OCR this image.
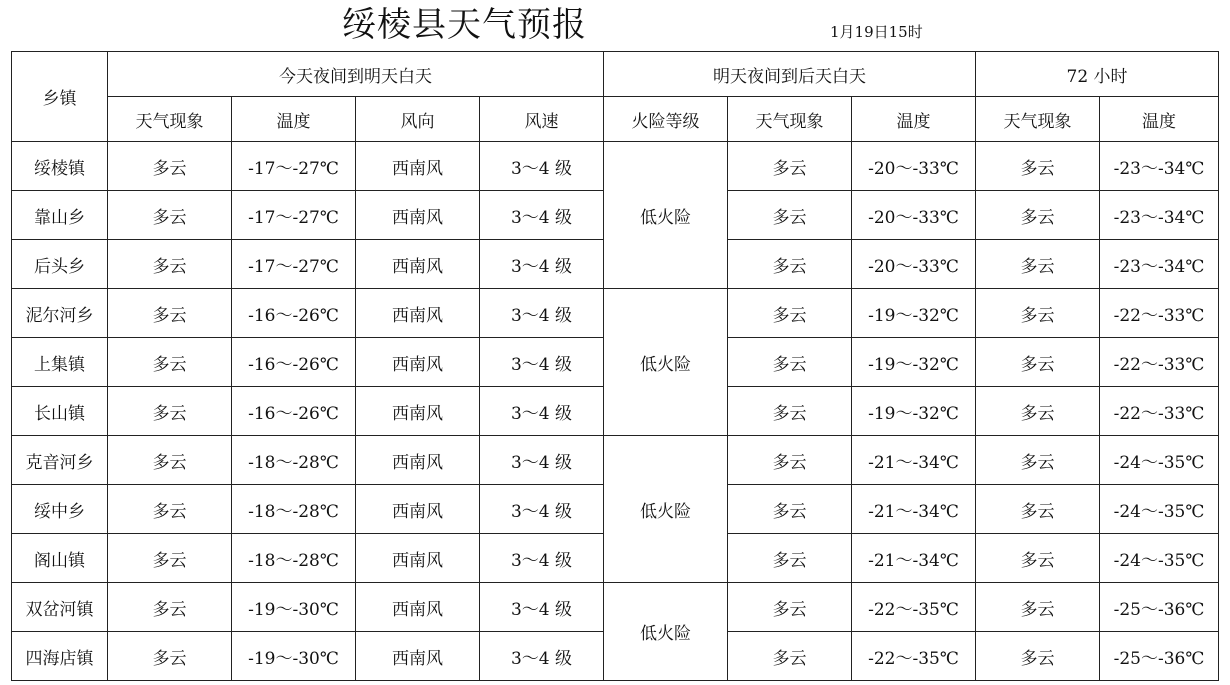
绥棱县天气预报	1月19日15时
乡镇	今天夜间到明天白天				明天夜间到后天白天			72 小时	
	天气现象	温度	风向	风速	火险等级	天气现象	温度	天气现象	温度
绥棱镇	多云	-17～-27℃	西南风	3～4 级	低火险	多云	-20～-33℃	多云	-23～-34℃
靠山乡	多云	-17～-27℃	西南风	3～4 级		多云	-20～-33℃	多云	-23～-34℃
后头乡	多云	-17～-27℃	西南风	3～4 级		多云	-20～-33℃	多云	-23～-34℃
泥尔河乡	多云	-16～-26℃	西南风	3～4 级	低火险	多云	-19～-32℃	多云	-22～-33℃
上集镇	多云	-16～-26℃	西南风	3～4 级		多云	-19～-32℃	多云	-22～-33℃
长山镇	多云	-16～-26℃	西南风	3～4 级		多云	-19～-32℃	多云	-22～-33℃
克音河乡	多云	-18～-28℃	西南风	3～4 级	低火险	多云	-21～-34℃	多云	-24～-35℃
绥中乡	多云	-18～-28℃	西南风	3～4 级		多云	-21～-34℃	多云	-24～-35℃
阁山镇	多云	-18～-28℃	西南风	3～4 级		多云	-21～-34℃	多云	-24～-35℃
双岔河镇	多云	-19～-30℃	西南风	3～4 级	低火险	多云	-22～-35℃	多云	-25～-36℃
四海店镇	多云	-19～-30℃	西南风	3～4 级		多云	-22～-35℃	多云	-25～-36℃
